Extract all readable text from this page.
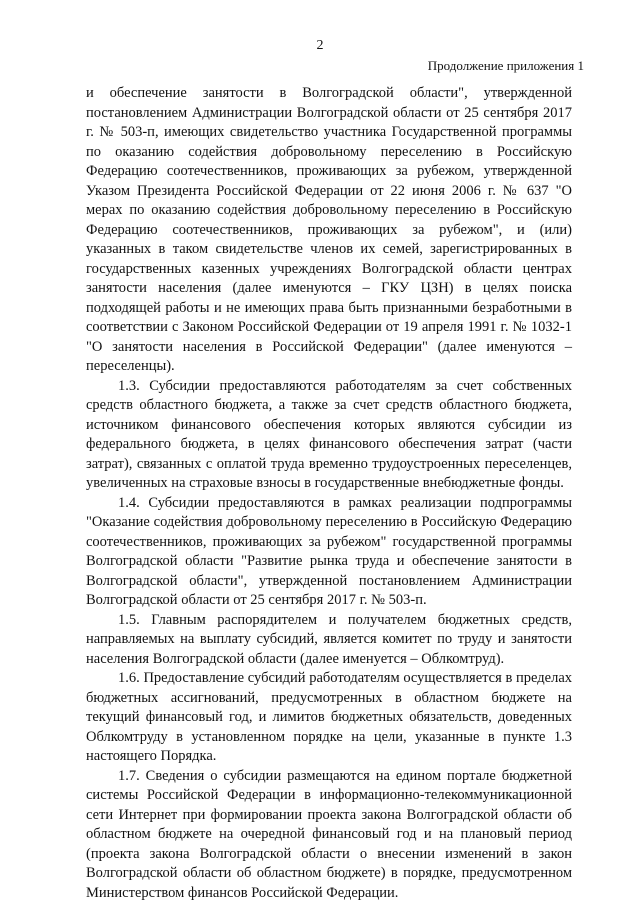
2
Продолжение приложения 1

и обеспечение занятости в Волгоградской области", утвержденной постановлением Администрации Волгоградской области от 25 сентября 2017 г. № 503-п, имеющих свидетельство участника Государственной программы по оказанию содействия добровольному переселению в Российскую Федерацию соотечественников, проживающих за рубежом, утвержденной Указом Президента Российской Федерации от 22 июня 2006 г. № 637 "О мерах по оказанию содействия добровольному переселению в Российскую Федерацию соотечественников, проживающих за рубежом", и (или) указанных в таком свидетельстве членов их семей, зарегистрированных в государственных казенных учреждениях Волгоградской области центрах занятости населения (далее именуются – ГКУ ЦЗН) в целях поиска подходящей работы и не имеющих права быть признанными безработными в соответствии с Законом Российской Федерации от 19 апреля 1991 г. № 1032-1 "О занятости населения в Российской Федерации" (далее именуются – переселенцы).

1.3. Субсидии предоставляются работодателям за счет собственных средств областного бюджета, а также за счет средств областного бюджета, источником финансового обеспечения которых являются субсидии из федерального бюджета, в целях финансового обеспечения затрат (части затрат), связанных с оплатой труда временно трудоустроенных переселенцев, увеличенных на страховые взносы в государственные внебюджетные фонды.

1.4. Субсидии предоставляются в рамках реализации подпрограммы "Оказание содействия добровольному переселению в Российскую Федерацию соотечественников, проживающих за рубежом" государственной программы Волгоградской области "Развитие рынка труда и обеспечение занятости в Волгоградской области", утвержденной постановлением Администрации Волгоградской области от 25 сентября 2017 г. № 503-п.

1.5. Главным распорядителем и получателем бюджетных средств, направляемых на выплату субсидий, является комитет по труду и занятости населения Волгоградской области (далее именуется – Облкомтруд).

1.6. Предоставление субсидий работодателям осуществляется в пределах бюджетных ассигнований, предусмотренных в областном бюджете на текущий финансовый год, и лимитов бюджетных обязательств, доведенных Облкомтруду в установленном порядке на цели, указанные в пункте 1.3 настоящего Порядка.

1.7. Сведения о субсидии размещаются на едином портале бюджетной системы Российской Федерации в информационно-телекоммуникационной сети Интернет при формировании проекта закона Волгоградской области об областном бюджете на очередной финансовый год и на плановый период (проекта закона Волгоградской области о внесении изменений в закон Волгоградской области об областном бюджете) в порядке, предусмотренном Министерством финансов Российской Федерации.
